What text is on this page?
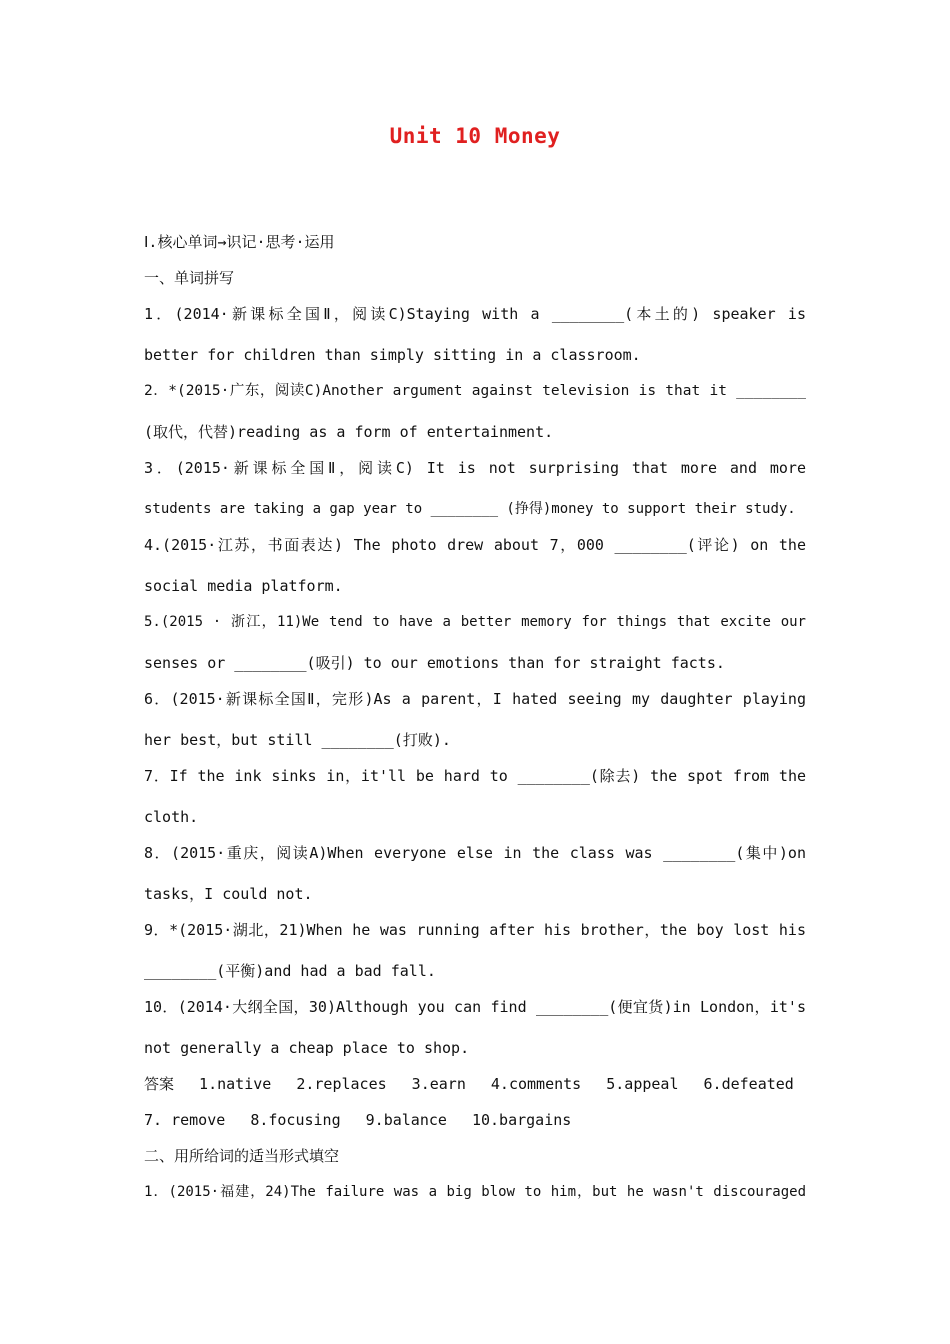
Unit 10 Money
Ⅰ.核心单词→识记·思考·运用
一、单词拼写
1．(2014·新课标全国Ⅱ，阅读C)Staying with a ________(本土的) speaker is
better for children than simply sitting in a classroom.
2．*(2015·广东，阅读C)Another argument against television is that it ________
(取代，代替)reading as a form of entertainment.
3．(2015·新课标全国Ⅱ，阅读C) It is not surprising that more and more
students are taking a gap year to ________ (挣得)money to support their study.
4.(2015·江苏，书面表达) The photo drew about 7，000 ________(评论) on the
social media platform.
5.(2015 · 浙江，11)We tend to have a better memory for things that excite our
senses or ________(吸引) to our emotions than for straight facts.
6．(2015·新课标全国Ⅱ，完形)As a parent，I hated seeing my daughter playing
her best，but still ________(打败).
7．If the ink sinks in，it'll be hard to ________(除去) the spot from the
cloth.
8．(2015·重庆，阅读A)When everyone else in the class was ________(集中)on
tasks，I could not.
9．*(2015·湖北，21)When he was running after his brother，the boy lost his
________(平衡)and had a bad fall.
10．(2014·大纲全国，30)Although you can find ________(便宜货)in London，it's
not generally a cheap place to shop.
答案 1.native 2.replaces 3.earn 4.comments 5.appeal 6.defeated
7. remove 8.focusing 9.balance 10.bargains
二、用所给词的适当形式填空
1．(2015·福建，24)The failure was a big blow to him，but he wasn't discouraged
